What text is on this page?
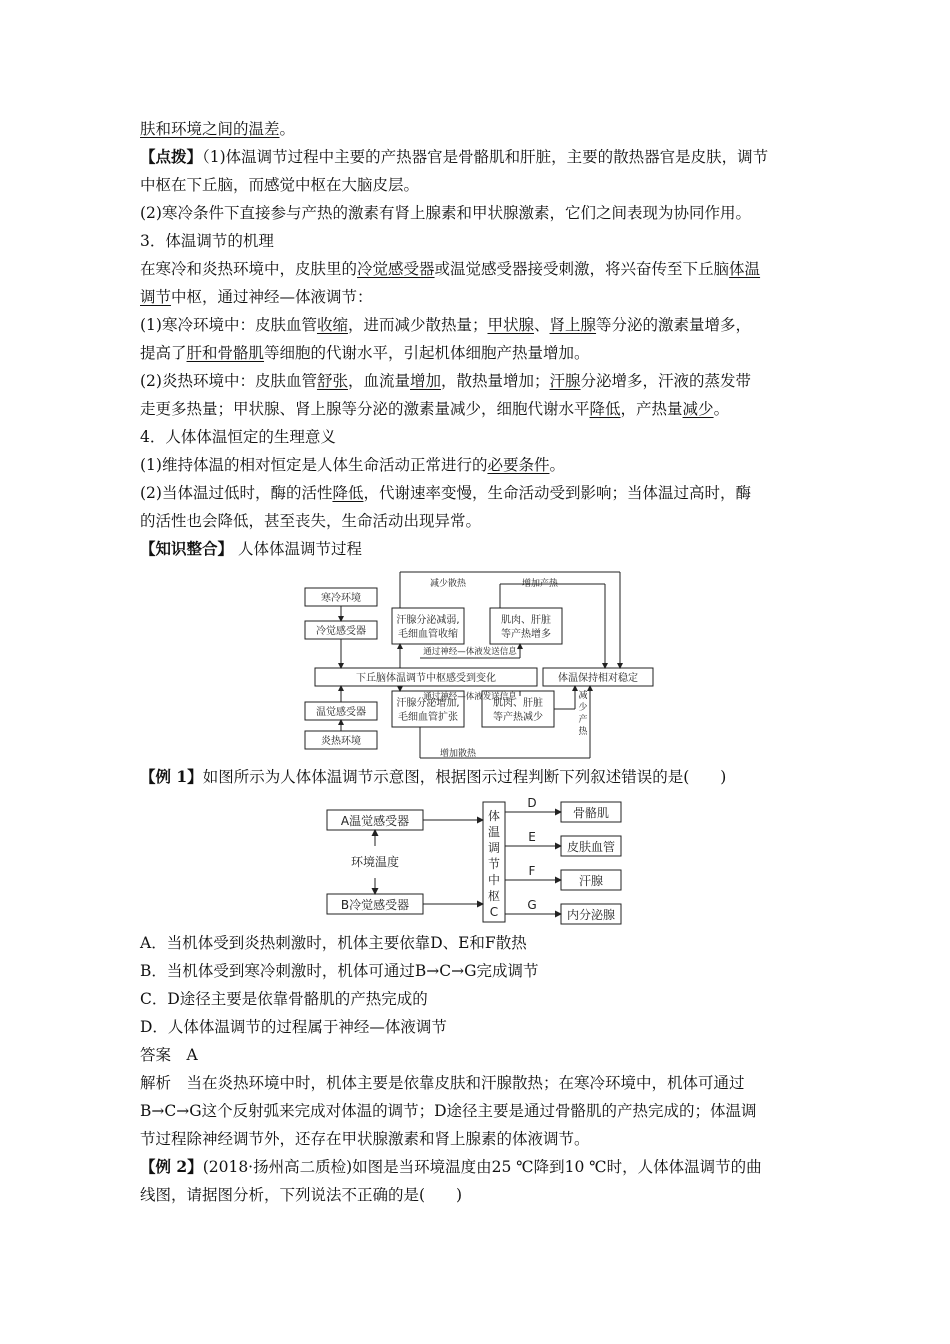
肤和环境之间的温差。
【点拨】（1)体温调节过程中主要的产热器官是骨骼肌和肝脏，主要的散热器官是皮肤，调节
中枢在下丘脑，而感觉中枢在大脑皮层。
(2)寒冷条件下直接参与产热的激素有肾上腺素和甲状腺激素，它们之间表现为协同作用。
3．体温调节的机理
在寒冷和炎热环境中，皮肤里的冷觉感受器或温觉感受器接受刺激，将兴奋传至下丘脑体温
调节中枢，通过神经—体液调节：
(1)寒冷环境中：皮肤血管收缩，进而减少散热量；甲状腺、肾上腺等分泌的激素量增多，
提高了肝和骨骼肌等细胞的代谢水平，引起机体细胞产热量增加。
(2)炎热环境中：皮肤血管舒张，血流量增加，散热量增加；汗腺分泌增多，汗液的蒸发带
走更多热量；甲状腺、肾上腺等分泌的激素量减少，细胞代谢水平降低，产热量减少。
4．人体体温恒定的生理意义
(1)维持体温的相对恒定是人体生命活动正常进行的必要条件。
(2)当体温过低时，酶的活性降低，代谢速率变慢，生命活动受到影响；当体温过高时，酶
的活性也会降低，甚至丧失，生命活动出现异常。
【知识整合】 人体体温调节过程
寒冷环境
冷觉感受器
下丘脑体温调节中枢感受到变化
温觉感受器
炎热环境
汗腺分泌减弱,
毛细血管收缩
肌肉、肝脏
等产热增多
汗腺分泌增加,
毛细血管扩张
肌肉、肝脏
等产热减少
体温保持相对稳定
减少散热	增加产热
通过神经—体液发送信息
通过神经—体液发送信息
增加散热
减
少
产
热
【例 1】如图所示为人体体温调节示意图，根据图示过程判断下列叙述错误的是(　　)
A温觉感受器
B冷觉感受器
环境温度
体
温
调
节
中
枢
C
D
E
F
G
骨骼肌
皮肤血管
汗腺
内分泌腺
A．当机体受到炎热刺激时，机体主要依靠D、E和F散热
B．当机体受到寒冷刺激时，机体可通过B→C→G完成调节
C．D途径主要是依靠骨骼肌的产热完成的
D．人体体温调节的过程属于神经—体液调节
答案　 A
解析　 当在炎热环境中时，机体主要是依靠皮肤和汗腺散热；在寒冷环境中，机体可通过
B→C→G这个反射弧来完成对体温的调节；D途径主要是通过骨骼肌的产热完成的；体温调
节过程除神经调节外，还存在甲状腺激素和肾上腺素的体液调节。
【例 2】(2018·扬州高二质检)如图是当环境温度由25 ℃降到10 ℃时，人体体温调节的曲
线图，请据图分析，下列说法不正确的是(　　)
